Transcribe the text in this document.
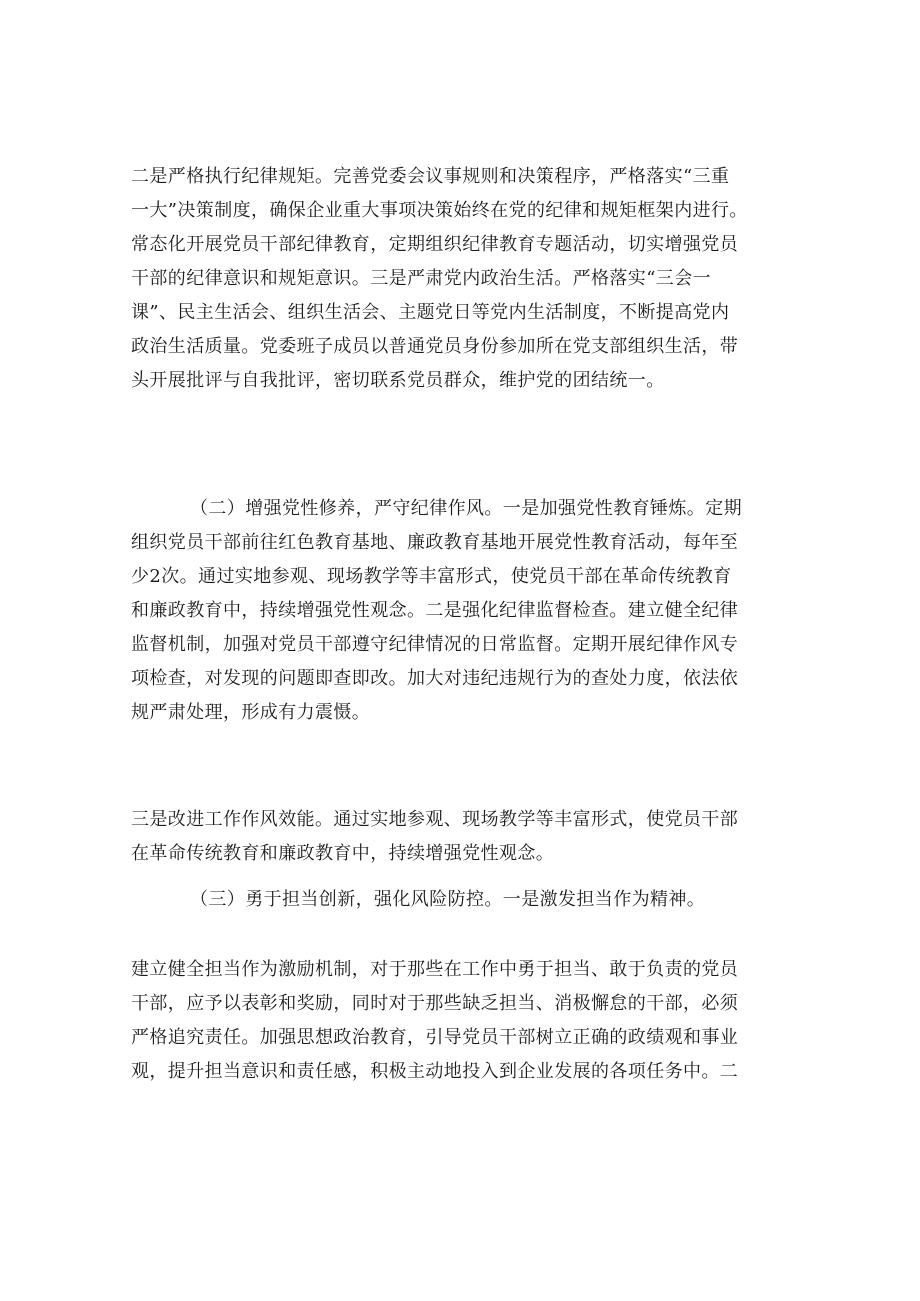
二是严格执行纪律规矩。完善党委会议事规则和决策程序，严格落实“三重
一大”决策制度，确保企业重大事项决策始终在党的纪律和规矩框架内进行。
常态化开展党员干部纪律教育，定期组织纪律教育专题活动，切实增强党员
干部的纪律意识和规矩意识。三是严肃党内政治生活。严格落实“三会一
课”、民主生活会、组织生活会、主题党日等党内生活制度，不断提高党内
政治生活质量。党委班子成员以普通党员身份参加所在党支部组织生活，带
头开展批评与自我批评，密切联系党员群众，维护党的团结统一。

（二）增强党性修养，严守纪律作风。一是加强党性教育锤炼。定期
组织党员干部前往红色教育基地、廉政教育基地开展党性教育活动，每年至
少2次。通过实地参观、现场教学等丰富形式，使党员干部在革命传统教育
和廉政教育中，持续增强党性观念。二是强化纪律监督检查。建立健全纪律
监督机制，加强对党员干部遵守纪律情况的日常监督。定期开展纪律作风专
项检查，对发现的问题即查即改。加大对违纪违规行为的查处力度，依法依
规严肃处理，形成有力震慑。

三是改进工作作风效能。通过实地参观、现场教学等丰富形式，使党员干部
在革命传统教育和廉政教育中，持续增强党性观念。

（三）勇于担当创新，强化风险防控。一是激发担当作为精神。

建立健全担当作为激励机制，对于那些在工作中勇于担当、敢于负责的党员
干部，应予以表彰和奖励，同时对于那些缺乏担当、消极懈怠的干部，必须
严格追究责任。加强思想政治教育，引导党员干部树立正确的政绩观和事业
观，提升担当意识和责任感，积极主动地投入到企业发展的各项任务中。二
